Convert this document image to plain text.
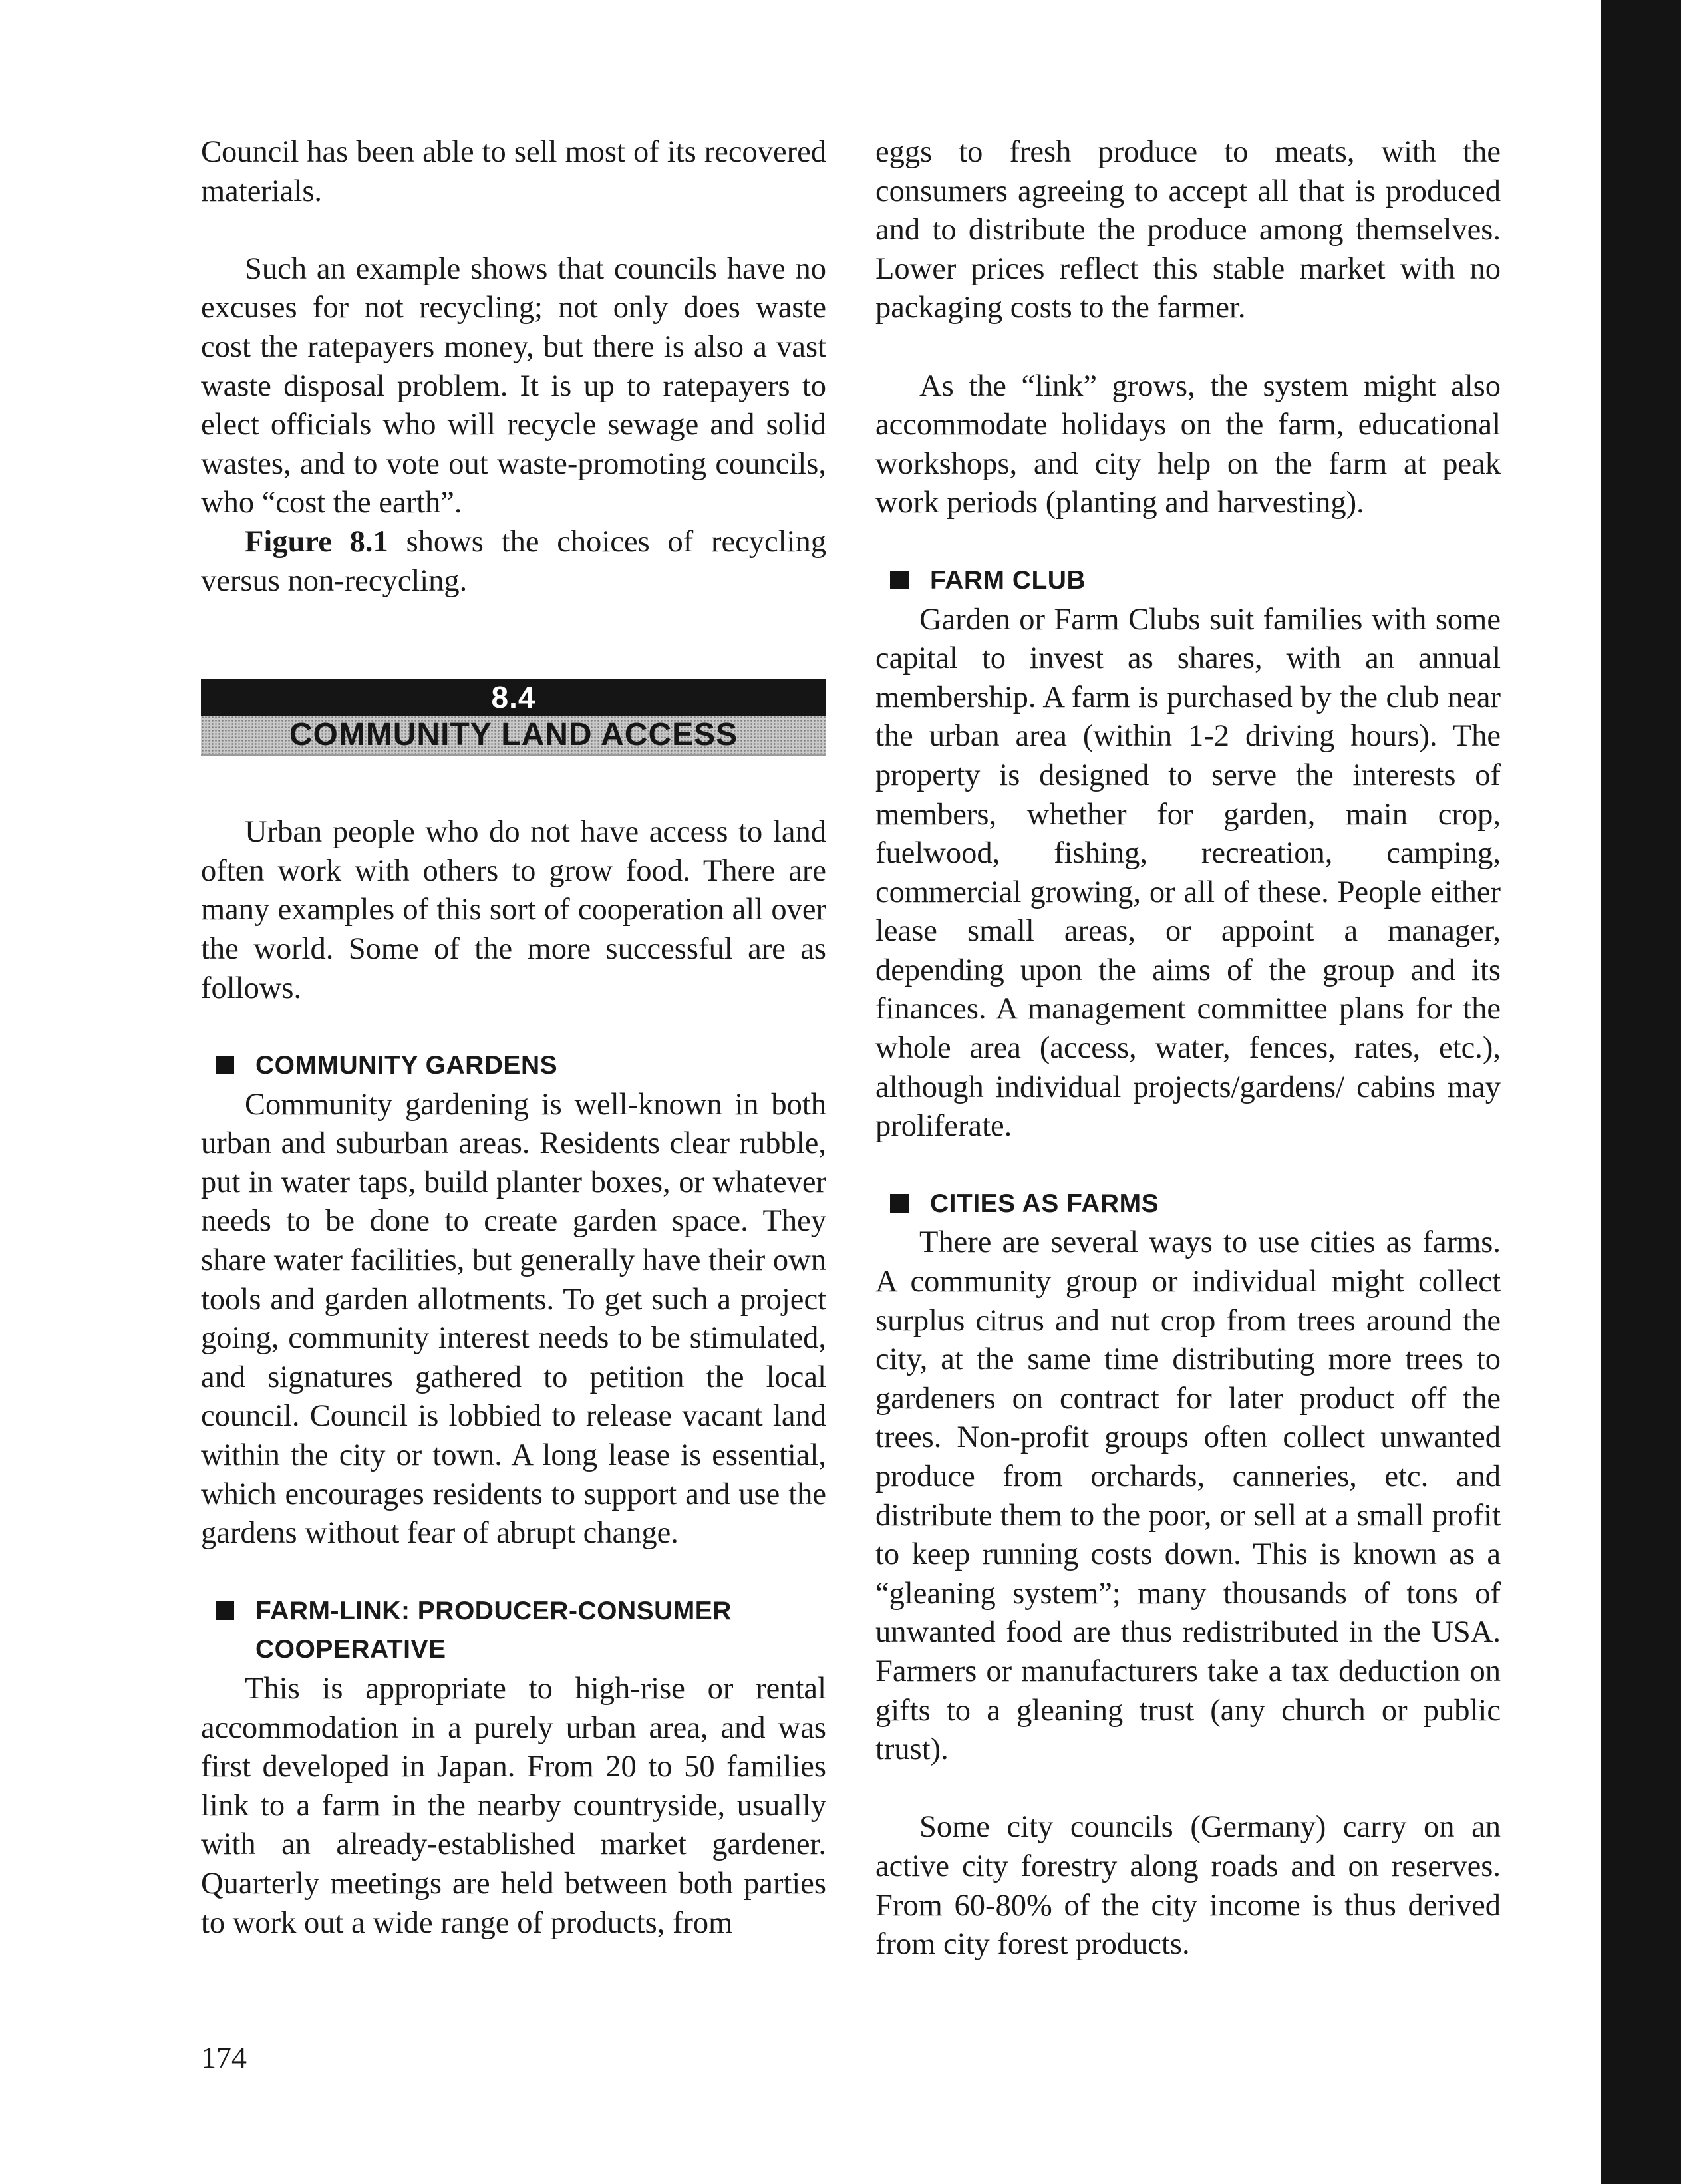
Council has been able to sell most of its recovered materials.

Such an example shows that councils have no excuses for not recycling; not only does waste cost the ratepayers money, but there is also a vast waste disposal problem. It is up to ratepayers to elect officials who will recycle sewage and solid wastes, and to vote out waste-promoting councils, who “cost the earth”.

Figure 8.1 shows the choices of recycling versus non-recycling.

8.4
COMMUNITY LAND ACCESS

Urban people who do not have access to land often work with others to grow food. There are many examples of this sort of cooperation all over the world. Some of the more successful are as follows.

COMMUNITY GARDENS

Community gardening is well-known in both urban and suburban areas. Residents clear rubble, put in water taps, build planter boxes, or whatever needs to be done to create garden space. They share water facilities, but generally have their own tools and garden allotments. To get such a project going, community interest needs to be stimulated, and signatures gathered to petition the local council. Council is lobbied to release vacant land within the city or town. A long lease is essential, which encourages residents to support and use the gardens without fear of abrupt change.

FARM-LINK: PRODUCER-CONSUMER
COOPERATIVE

This is appropriate to high-rise or rental accommodation in a purely urban area, and was first developed in Japan. From 20 to 50 families link to a farm in the nearby countryside, usually with an already-established market gardener. Quarterly meetings are held between both parties to work out a wide range of products, from

eggs to fresh produce to meats, with the consumers agreeing to accept all that is produced and to distribute the produce among themselves. Lower prices reflect this stable market with no packaging costs to the farmer.

As the “link” grows, the system might also accommodate holidays on the farm, educational workshops, and city help on the farm at peak work periods (planting and harvesting).

FARM CLUB

Garden or Farm Clubs suit families with some capital to invest as shares, with an annual membership. A farm is purchased by the club near the urban area (within 1-2 driving hours). The property is designed to serve the interests of members, whether for garden, main crop, fuelwood, fishing, recreation, camping, commercial growing, or all of these. People either lease small areas, or appoint a manager, depending upon the aims of the group and its finances. A management committee plans for the whole area (access, water, fences, rates, etc.), although individual projects/gardens/ cabins may proliferate.

CITIES AS FARMS

There are several ways to use cities as farms. A community group or individual might collect surplus citrus and nut crop from trees around the city, at the same time distributing more trees to gardeners on contract for later product off the trees. Non-profit groups often collect unwanted produce from orchards, canneries, etc. and distribute them to the poor, or sell at a small profit to keep running costs down. This is known as a “gleaning system”; many thousands of tons of unwanted food are thus redistributed in the USA. Farmers or manufacturers take a tax deduction on gifts to a gleaning trust (any church or public trust).

Some city councils (Germany) carry on an active city forestry along roads and on reserves. From 60-80% of the city income is thus derived from city forest products.

174
